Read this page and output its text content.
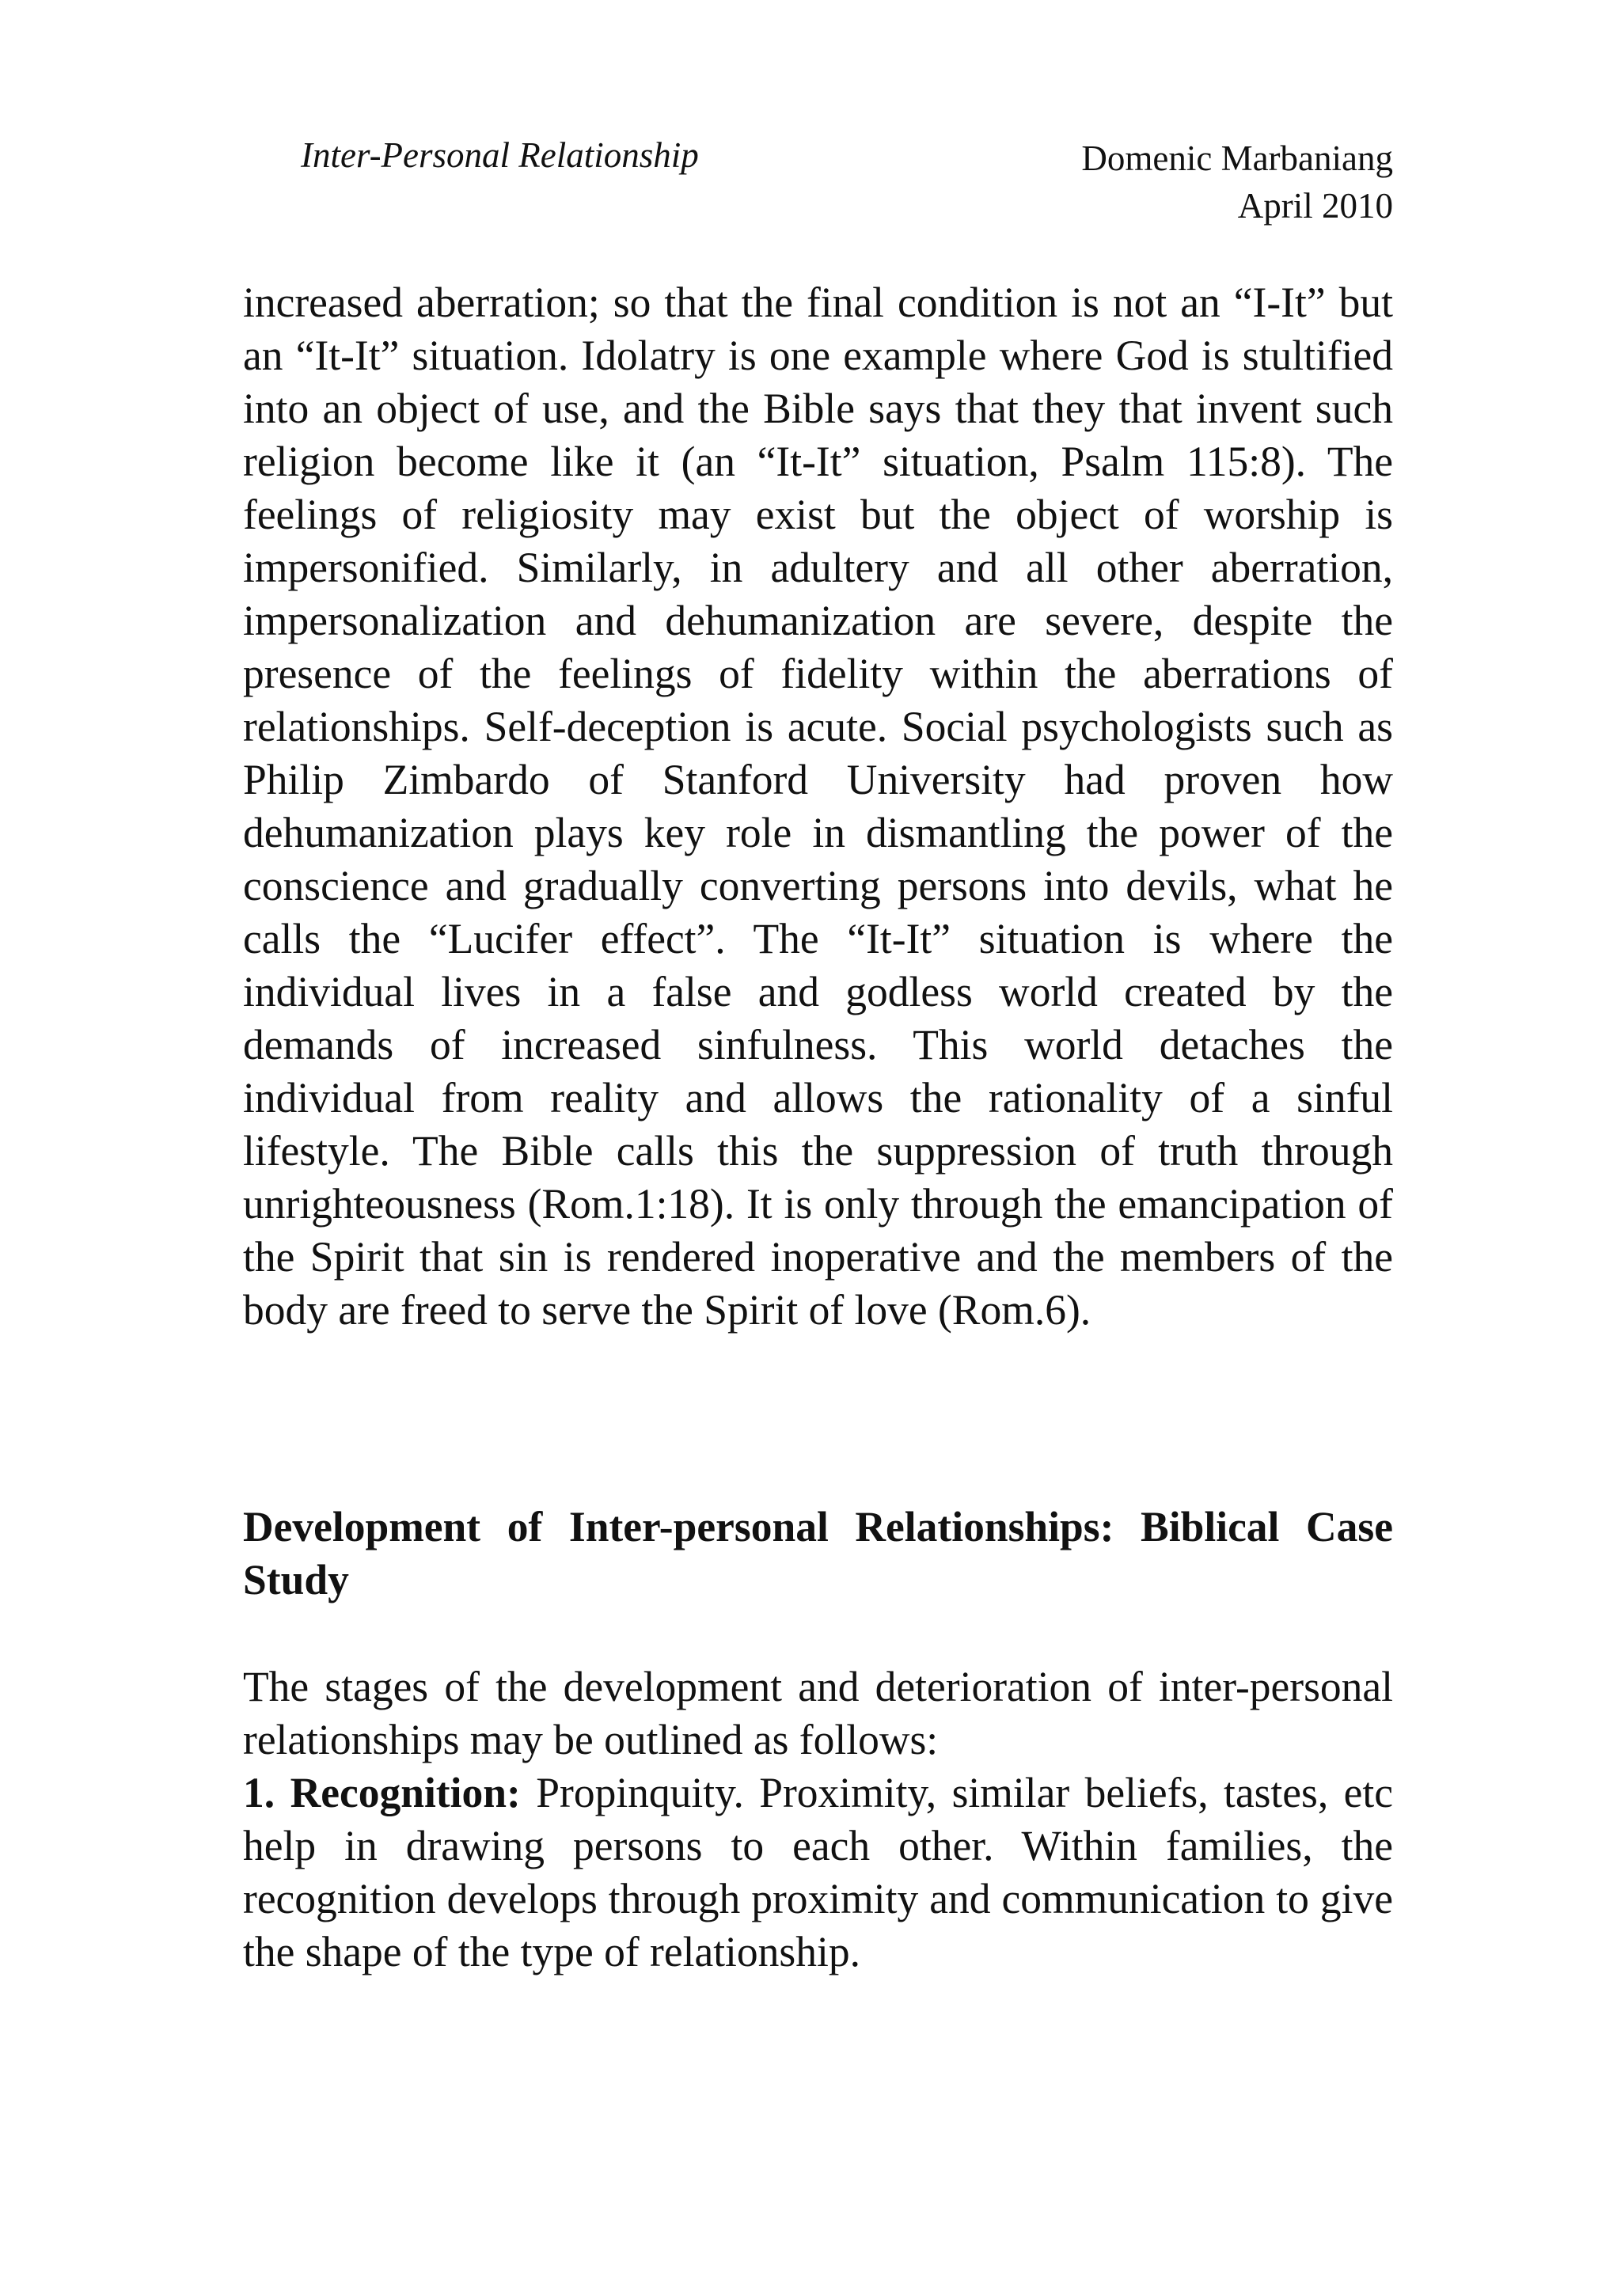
Inter-Personal Relationship	Domenic Marbaniang
April 2010
increased aberration; so that the final condition is not an “I-It” but an “It-It” situation. Idolatry is one example where God is stultified into an object of use, and the Bible says that they that invent such religion become like it (an “It-It” situation, Psalm 115:8). The feelings of religiosity may exist but the object of worship is impersonified. Similarly, in adultery and all other aberration, impersonalization and dehumanization are severe, despite the presence of the feelings of fidelity within the aberrations of relationships. Self-deception is acute. Social psychologists such as Philip Zimbardo of Stanford University had proven how dehumanization plays key role in dismantling the power of the conscience and gradually converting persons into devils, what he calls the “Lucifer effect”. The “It-It” situation is where the individual lives in a false and godless world created by the demands of increased sinfulness. This world detaches the individual from reality and allows the rationality of a sinful lifestyle. The Bible calls this the suppression of truth through unrighteousness (Rom.1:18). It is only through the emancipation of the Spirit that sin is rendered inoperative and the members of the body are freed to serve the Spirit of love (Rom.6).
Development of Inter-personal Relationships: Biblical Case Study
The stages of the development and deterioration of inter-personal relationships may be outlined as follows:
1. Recognition: Propinquity. Proximity, similar beliefs, tastes, etc help in drawing persons to each other. Within families, the recognition develops through proximity and communication to give the shape of the type of relationship.
